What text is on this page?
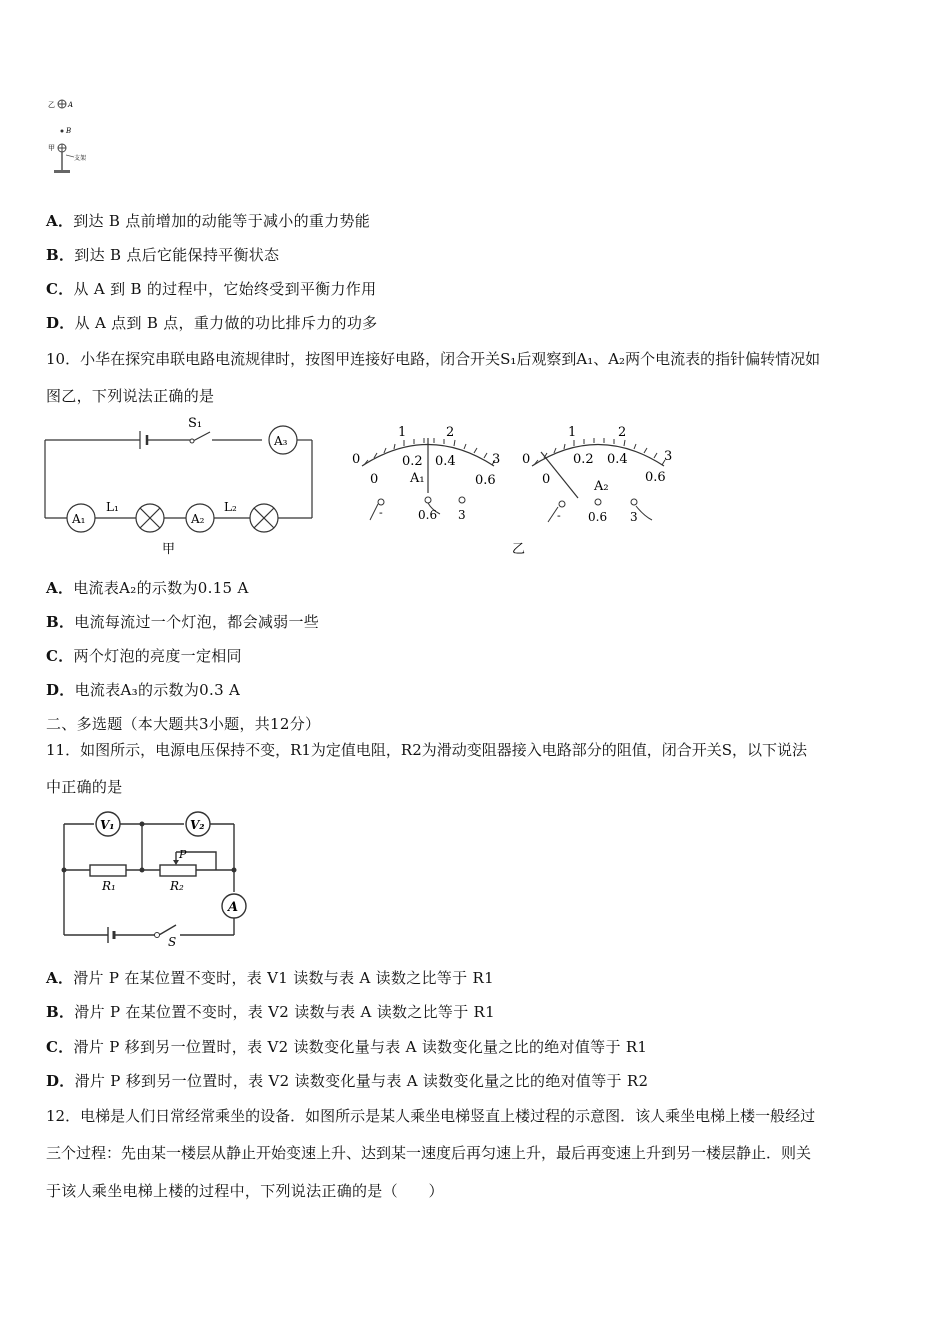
乙 A
B
甲
支架
A．到达 B 点前增加的动能等于减小的重力势能
B．到达 B 点后它能保持平衡状态
C．从 A 到 B 的过程中，它始终受到平衡力作用
D．从 A 点到 B 点，重力做的功比排斥力的功多
10．小华在探究串联电路电流规律时，按图甲连接好电路，闭合开关S₁后观察到A₁、A₂两个电流表的指针偏转情况如
图乙，下列说法正确的是
S₁
A₃
A₁	A₂
L₁	L₂
甲
0
1	2
3
0.2 0.4
0	0.6
A₁
-	0.6 3
0
1	2
3
0.2 0.4
0	0.6
A₂
- 0.6 3
乙
A．电流表A₂的示数为0.15 A
B．电流每流过一个灯泡，都会减弱一些
C．两个灯泡的亮度一定相同
D．电流表A₃的示数为0.3 A
二、多选题（本大题共3小题，共12分）
11．如图所示，电源电压保持不变，R1为定值电阻，R2为滑动变阻器接入电路部分的阻值，闭合开关S，以下说法
中正确的是
V₁	V₂
P
R₁	R₂
A
S
A．滑片 P 在某位置不变时，表 V1 读数与表 A 读数之比等于 R1
B．滑片 P 在某位置不变时，表 V2 读数与表 A 读数之比等于 R1
C．滑片 P 移到另一位置时，表 V2 读数变化量与表 A 读数变化量之比的绝对值等于 R1
D．滑片 P 移到另一位置时，表 V2 读数变化量与表 A 读数变化量之比的绝对值等于 R2
12．电梯是人们日常经常乘坐的设备．如图所示是某人乘坐电梯竖直上楼过程的示意图．该人乘坐电梯上楼一般经过
三个过程：先由某一楼层从静止开始变速上升、达到某一速度后再匀速上升，最后再变速上升到另一楼层静止．则关
于该人乘坐电梯上楼的过程中，下列说法正确的是（　　）
